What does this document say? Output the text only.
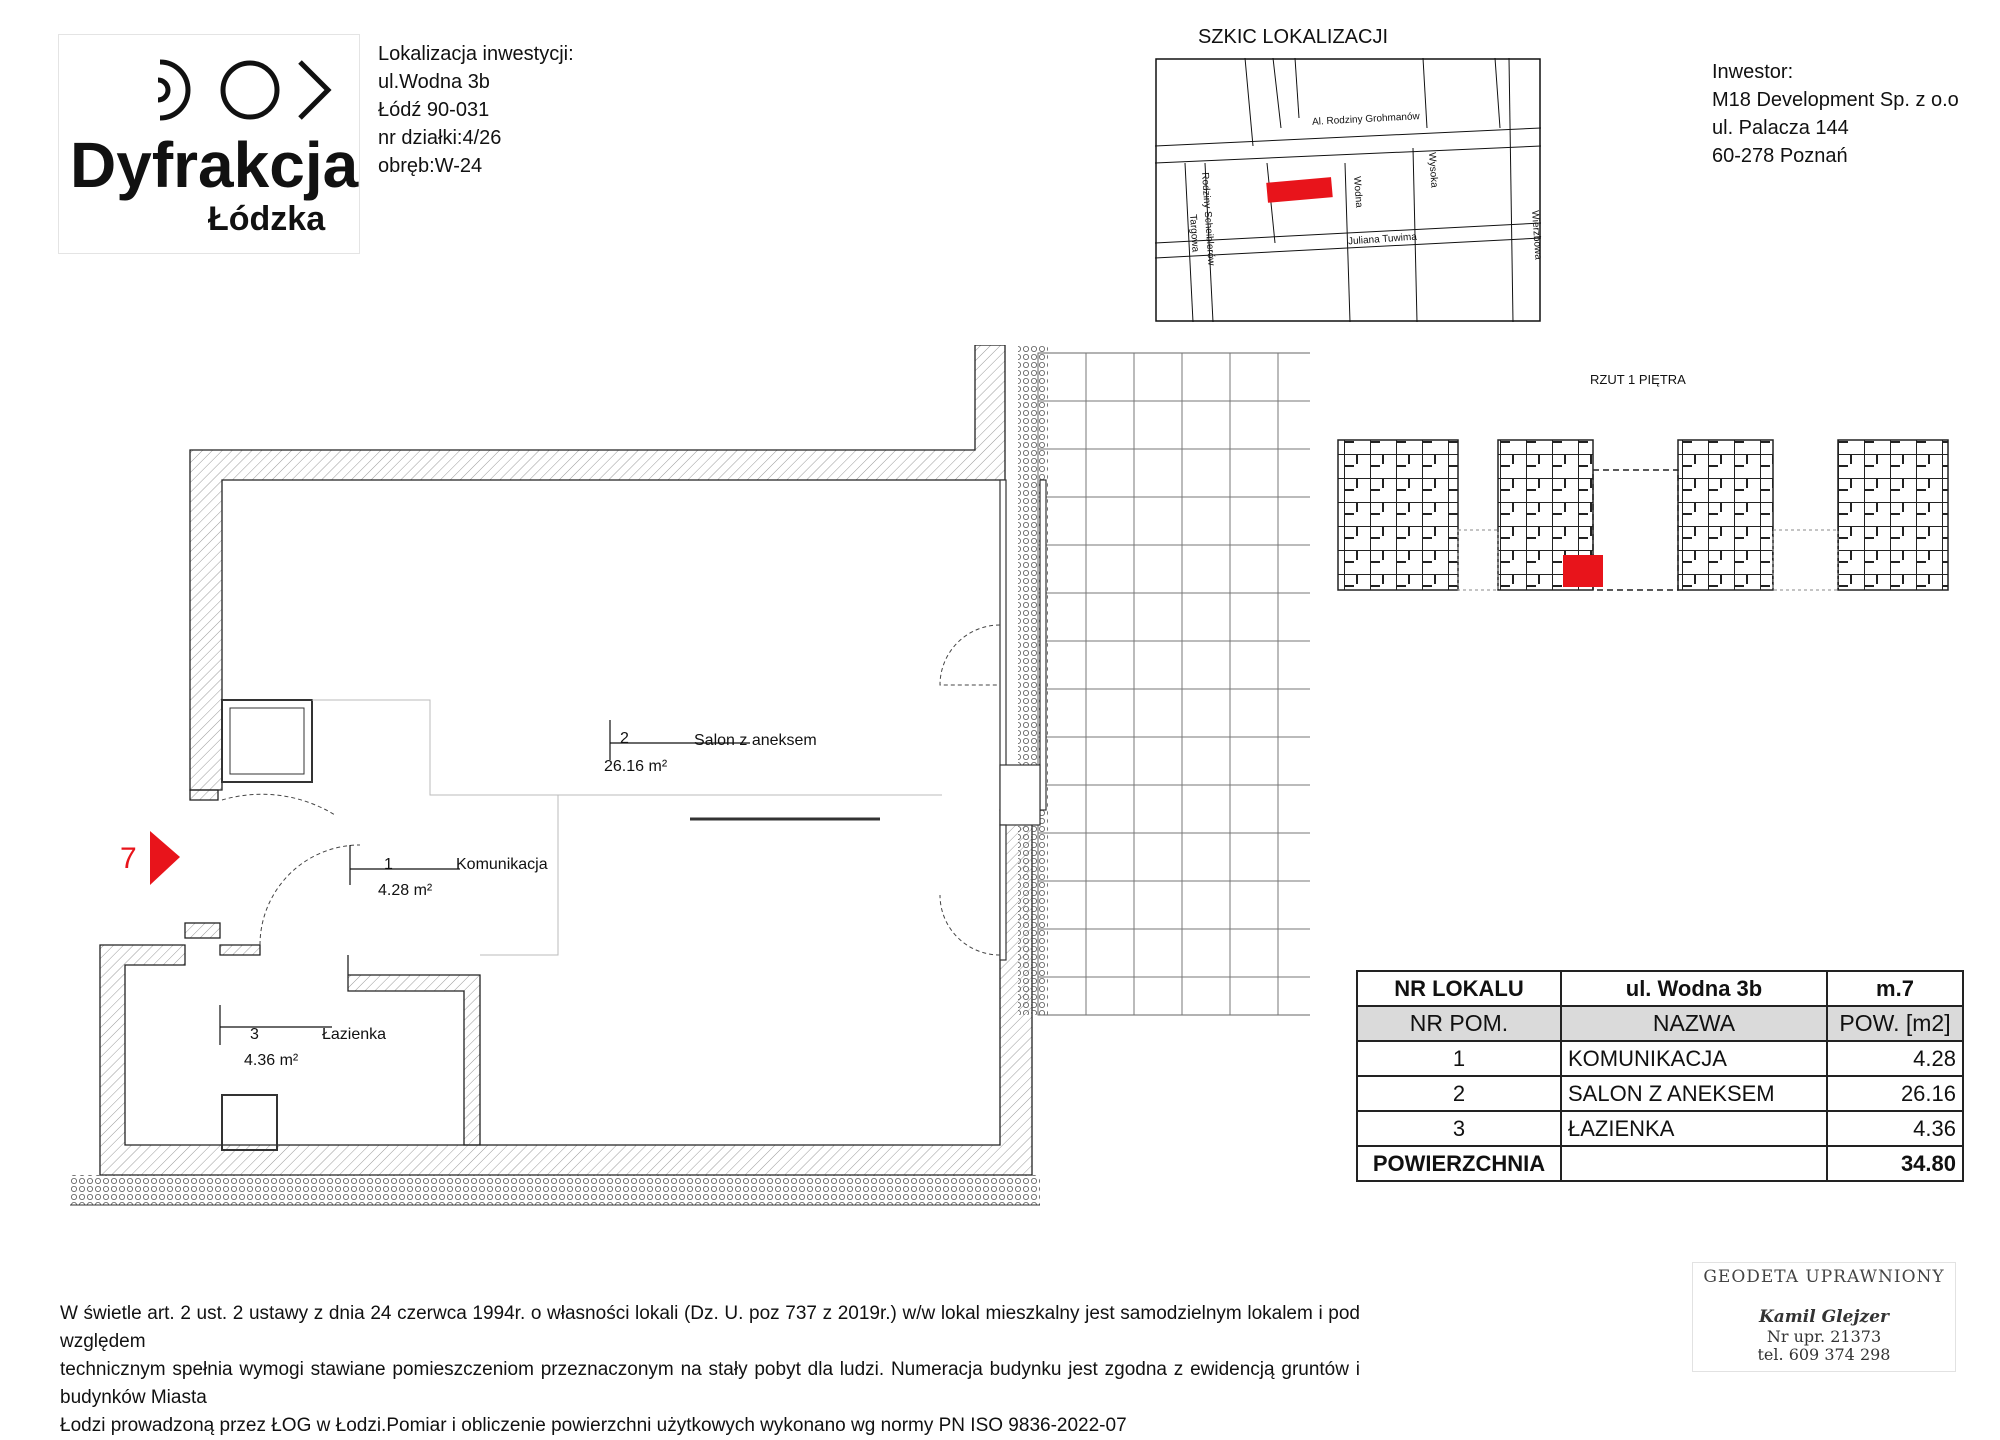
Dyfrakcja
Łódzka
Lokalizacja inwestycji:
ul.Wodna 3b
Łódź 90-031
nr działki:4/26
obręb:W-24
SZKIC LOKALIZACJI
Al. Rodziny Grohmanów
Rodziny Scheiblerów	Wodna
Wysoka
Targowa	Juliana Tuwima	Wierzbowa
Inwestor:
M18 Development Sp. z o.o
ul. Palacza 144
60-278 Poznań
RZUT 1 PIĘTRA
7
2	Salon z aneksem
26.16 m²
1	Komunikacja
4.28 m²
3	Łazienka
4.36 m²
NR LOKALU	ul. Wodna 3b	m.7
NR POM.	NAZWA	POW. [m2]
1	KOMUNIKACJA	4.28
2	SALON Z ANEKSEM	26.16
3	ŁAZIENKA	4.36
POWIERZCHNIA		34.80
W świetle art. 2 ust. 2 ustawy z dnia 24 czerwca 1994r. o własności lokali (Dz. U. poz 737 z 2019r.) w/w lokal mieszkalny jest samodzielnym lokalem i pod względem
technicznym spełnia wymogi stawiane pomieszczeniom przeznaczonym na stały pobyt dla ludzi. Numeracja budynku jest zgodna z ewidencją gruntów i budynków Miasta
Łodzi prowadzoną przez ŁOG w Łodzi.Pomiar i obliczenie powierzchni użytkowych wykonano wg normy PN ISO 9836-2022-07
GEODETA UPRAWNIONY
Kamil Glejzer
Nr upr. 21373
tel. 609 374 298
